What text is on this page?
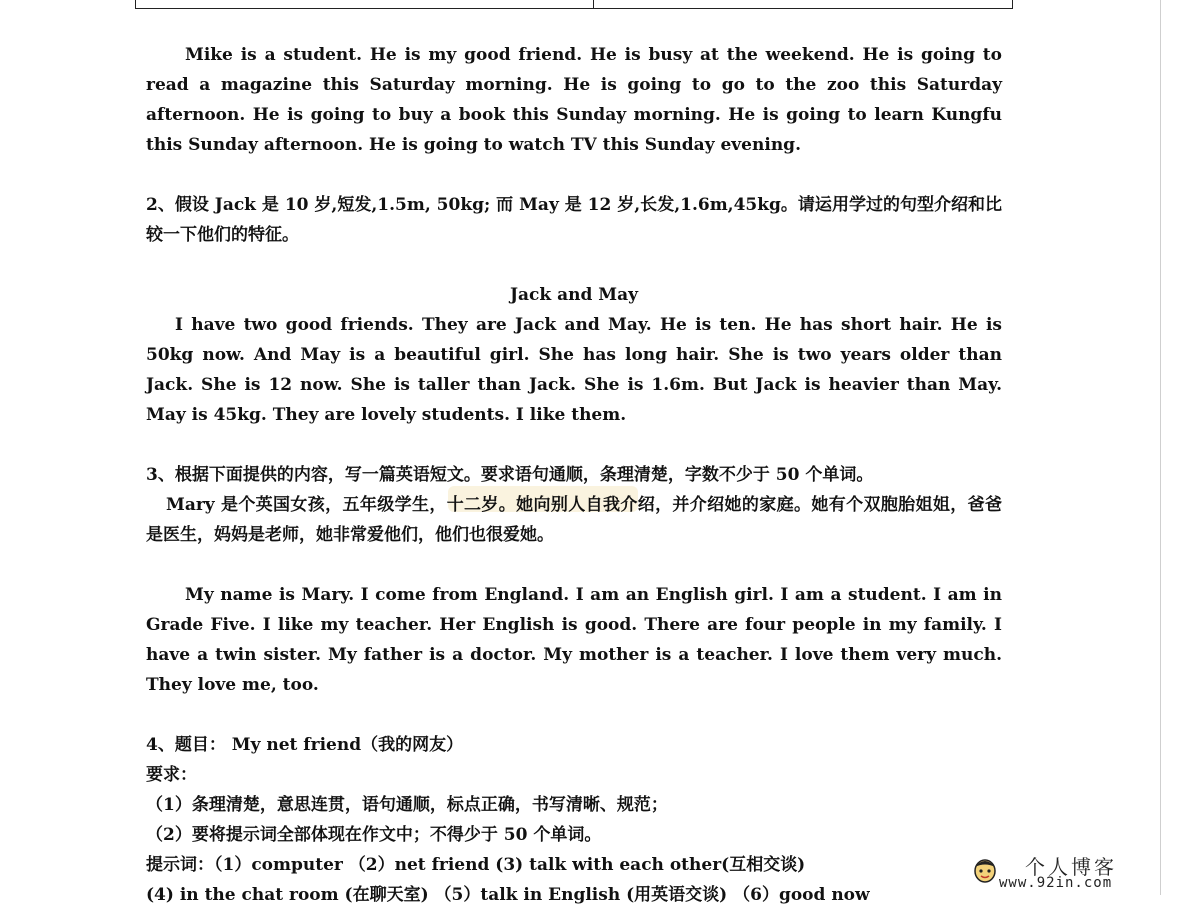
Mike is a student. He is my good friend. He is busy at the weekend. He is going to read a magazine this Saturday morning. He is going to go to the zoo this Saturday afternoon. He is going to buy a book this Sunday morning. He is going to learn Kungfu this Sunday afternoon. He is going to watch TV this Sunday evening.

2、假设 Jack 是 10 岁,短发,1.5m, 50kg; 而 May 是 12 岁,长发,1.6m,45kg。请运用学过的句型介绍和比较一下他们的特征。

Jack and May

I have two good friends. They are Jack and May. He is ten. He has short hair. He is 50kg now. And May is a beautiful girl. She has long hair. She is two years older than Jack. She is 12 now. She is taller than Jack. She is 1.6m. But Jack is heavier than May. May is 45kg. They are lovely students. I like them.

3、根据下面提供的内容，写一篇英语短文。要求语句通顺，条理清楚，字数不少于 50 个单词。

Mary 是个英国女孩，五年级学生，十二岁。她向别人自我介绍，并介绍她的家庭。她有个双胞胎姐姐，爸爸是医生，妈妈是老师，她非常爱他们，他们也很爱她。

My name is Mary. I come from England. I am an English girl. I am a student. I am in Grade Five. I like my teacher. Her English is good. There are four people in my family. I have a twin sister. My father is a doctor. My mother is a teacher. I love them very much. They love me, too.

4、题目： My net friend（我的网友）

要求：

（1）条理清楚，意思连贯，语句通顺，标点正确，书写清晰、规范；

（2）要将提示词全部体现在作文中；不得少于 50 个单词。

提示词：（1）computer （2）net friend (3) talk with each other(互相交谈)

(4) in the chat room (在聊天室) （5）talk in English (用英语交谈) （6）good now

个人博客
www.92in.com
